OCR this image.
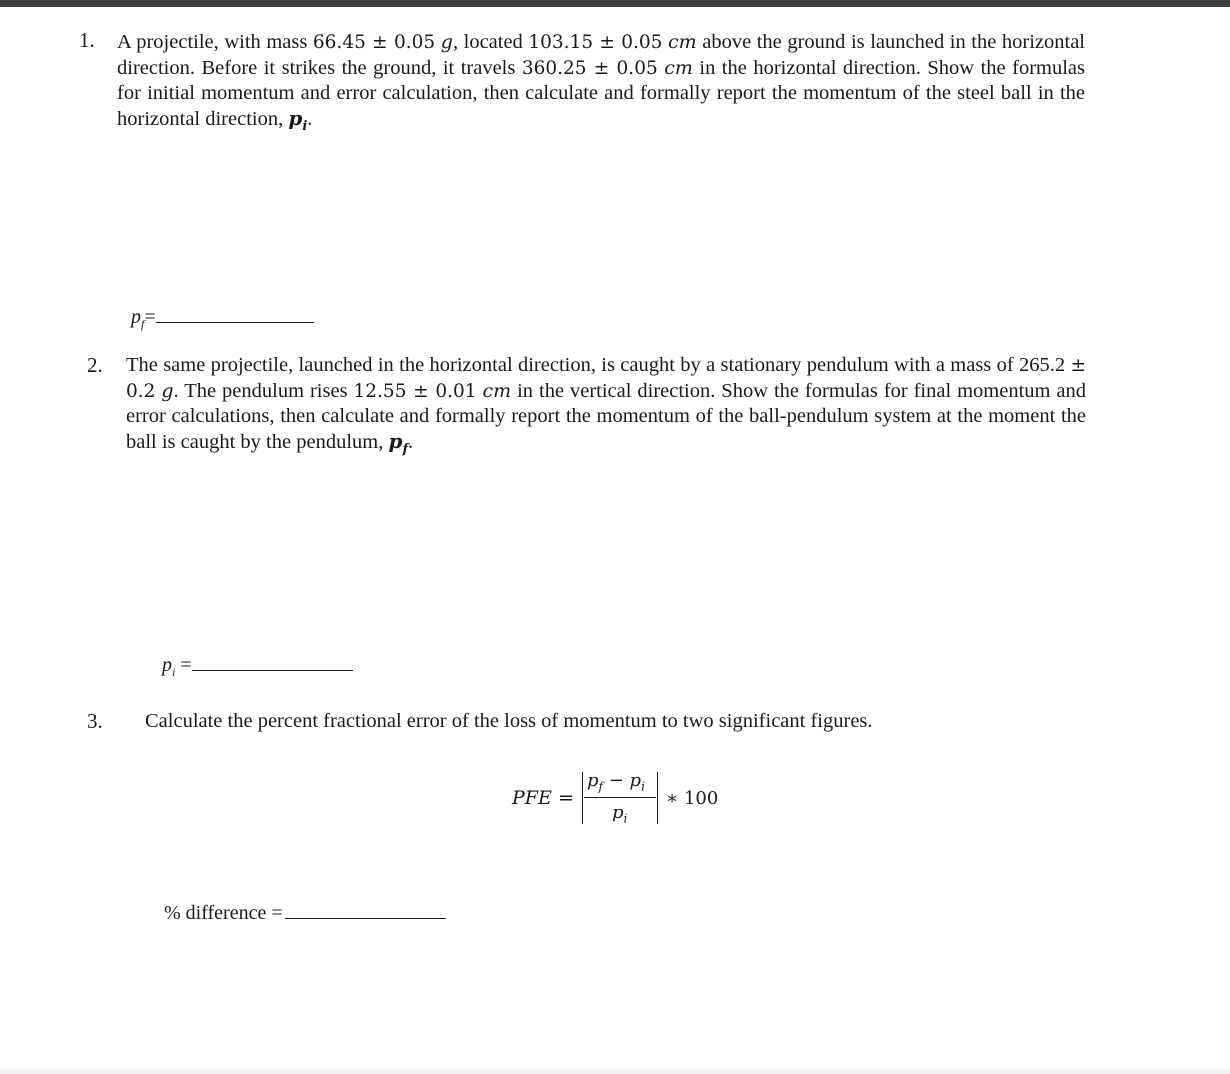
1. A projectile, with mass 66.45 ± 0.05 g, located 103.15 ± 0.05 cm above the ground is launched in the horizontal direction. Before it strikes the ground, it travels 360.25 ± 0.05 cm in the horizontal direction. Show the formulas for initial momentum and error calculation, then calculate and formally report the momentum of the steel ball in the horizontal direction, $p_i$.

$p_f=$
2. The same projectile, launched in the horizontal direction, is caught by a stationary pendulum with a mass of 265.2 ± 0.2 g. The pendulum rises 12.55 ± 0.01 cm in the vertical direction. Show the formulas for final momentum and error calculations, then calculate and formally report the momentum of the ball-pendulum system at the moment the ball is caught by the pendulum, $p_f$.

$p_i$ =
3. Calculate the percent fractional error of the loss of momentum to two significant figures.

PFE =
$p_f - p_i$
$p_i$
∗ 100
% difference =
